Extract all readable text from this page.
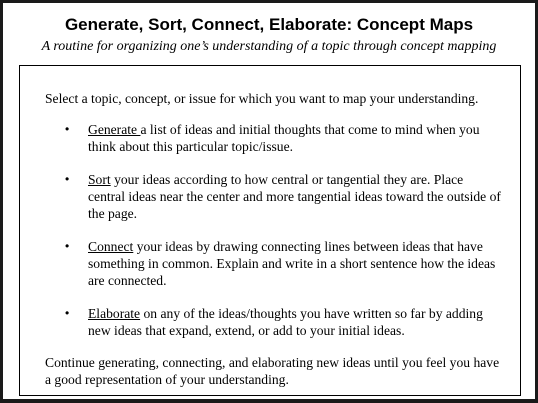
Generate, Sort, Connect, Elaborate: Concept Maps

A routine for organizing one’s understanding of a topic through concept mapping

Select a topic, concept, or issue for which you want to map your understanding.

• Generate a list of ideas and initial thoughts that come to mind when you think about this particular topic/issue.
• Sort your ideas according to how central or tangential they are. Place central ideas near the center and more tangential ideas toward the outside of the page.
• Connect your ideas by drawing connecting lines between ideas that have something in common. Explain and write in a short sentence how the ideas are connected.
• Elaborate on any of the ideas/thoughts you have written so far by adding new ideas that expand, extend, or add to your initial ideas.

Continue generating, connecting, and elaborating new ideas until you feel you have a good representation of your understanding.
